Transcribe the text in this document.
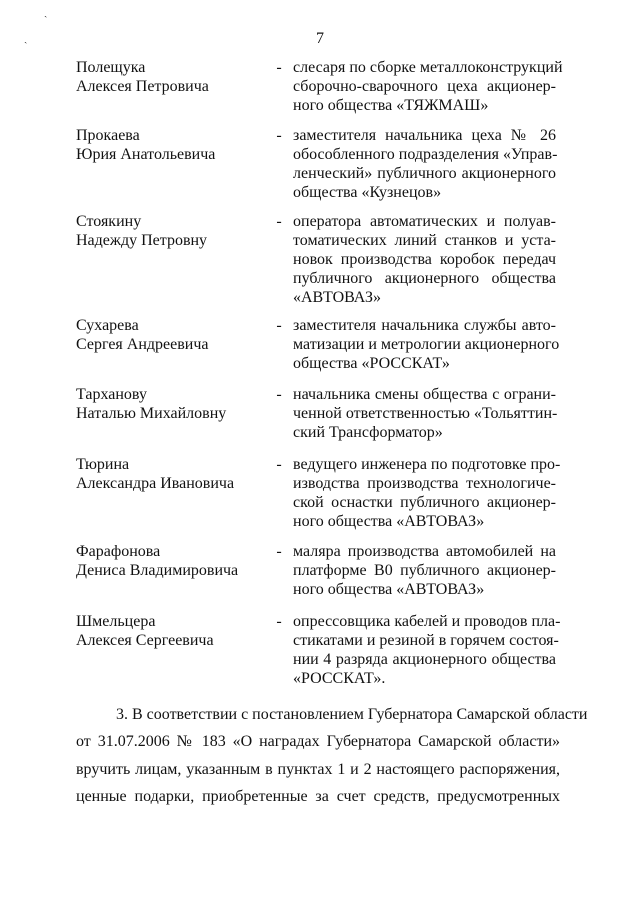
ˎ
ˎ	7
Полещука
Алексея Петровича
- слесаря по сборке металлоконструкций
сборочно-сварочного цеха акционер-
ного общества «ТЯЖМАШ»
Прокаева
Юрия Анатольевича
- заместителя начальника цеха № 26
обособленного подразделения «Управ-
ленческий» публичного акционерного
общества «Кузнецов»
Стоякину
Надежду Петровну
- оператора автоматических и полуав-
томатических линий станков и уста-
новок производства коробок передач
публичного акционерного общества
«АВТОВАЗ»
Сухарева
Сергея Андреевича
- заместителя начальника службы авто-
матизации и метрологии акционерного
общества «РОССКАТ»
Тарханову
Наталью Михайловну
- начальника смены общества с ограни-
ченной ответственностью «Тольяттин-
ский Трансформатор»
Тюрина
Александра Ивановича
- ведущего инженера по подготовке про-
изводства производства технологиче-
ской оснастки публичного акционер-
ного общества «АВТОВАЗ»
Фарафонова
Дениса Владимировича
- маляра производства автомобилей на
платформе В0 публичного акционер-
ного общества «АВТОВАЗ»
Шмельцера
Алексея Сергеевича
- опрессовщика кабелей и проводов пла-
стикатами и резиной в горячем состоя-
нии 4 разряда акционерного общества
«РОССКАТ».
3. В соответствии с постановлением Губернатора Самарской области
от 31.07.2006 № 183 «О наградах Губернатора Самарской области»
вручить лицам, указанным в пунктах 1 и 2 настоящего распоряжения,
ценные подарки, приобретенные за счет средств, предусмотренных
